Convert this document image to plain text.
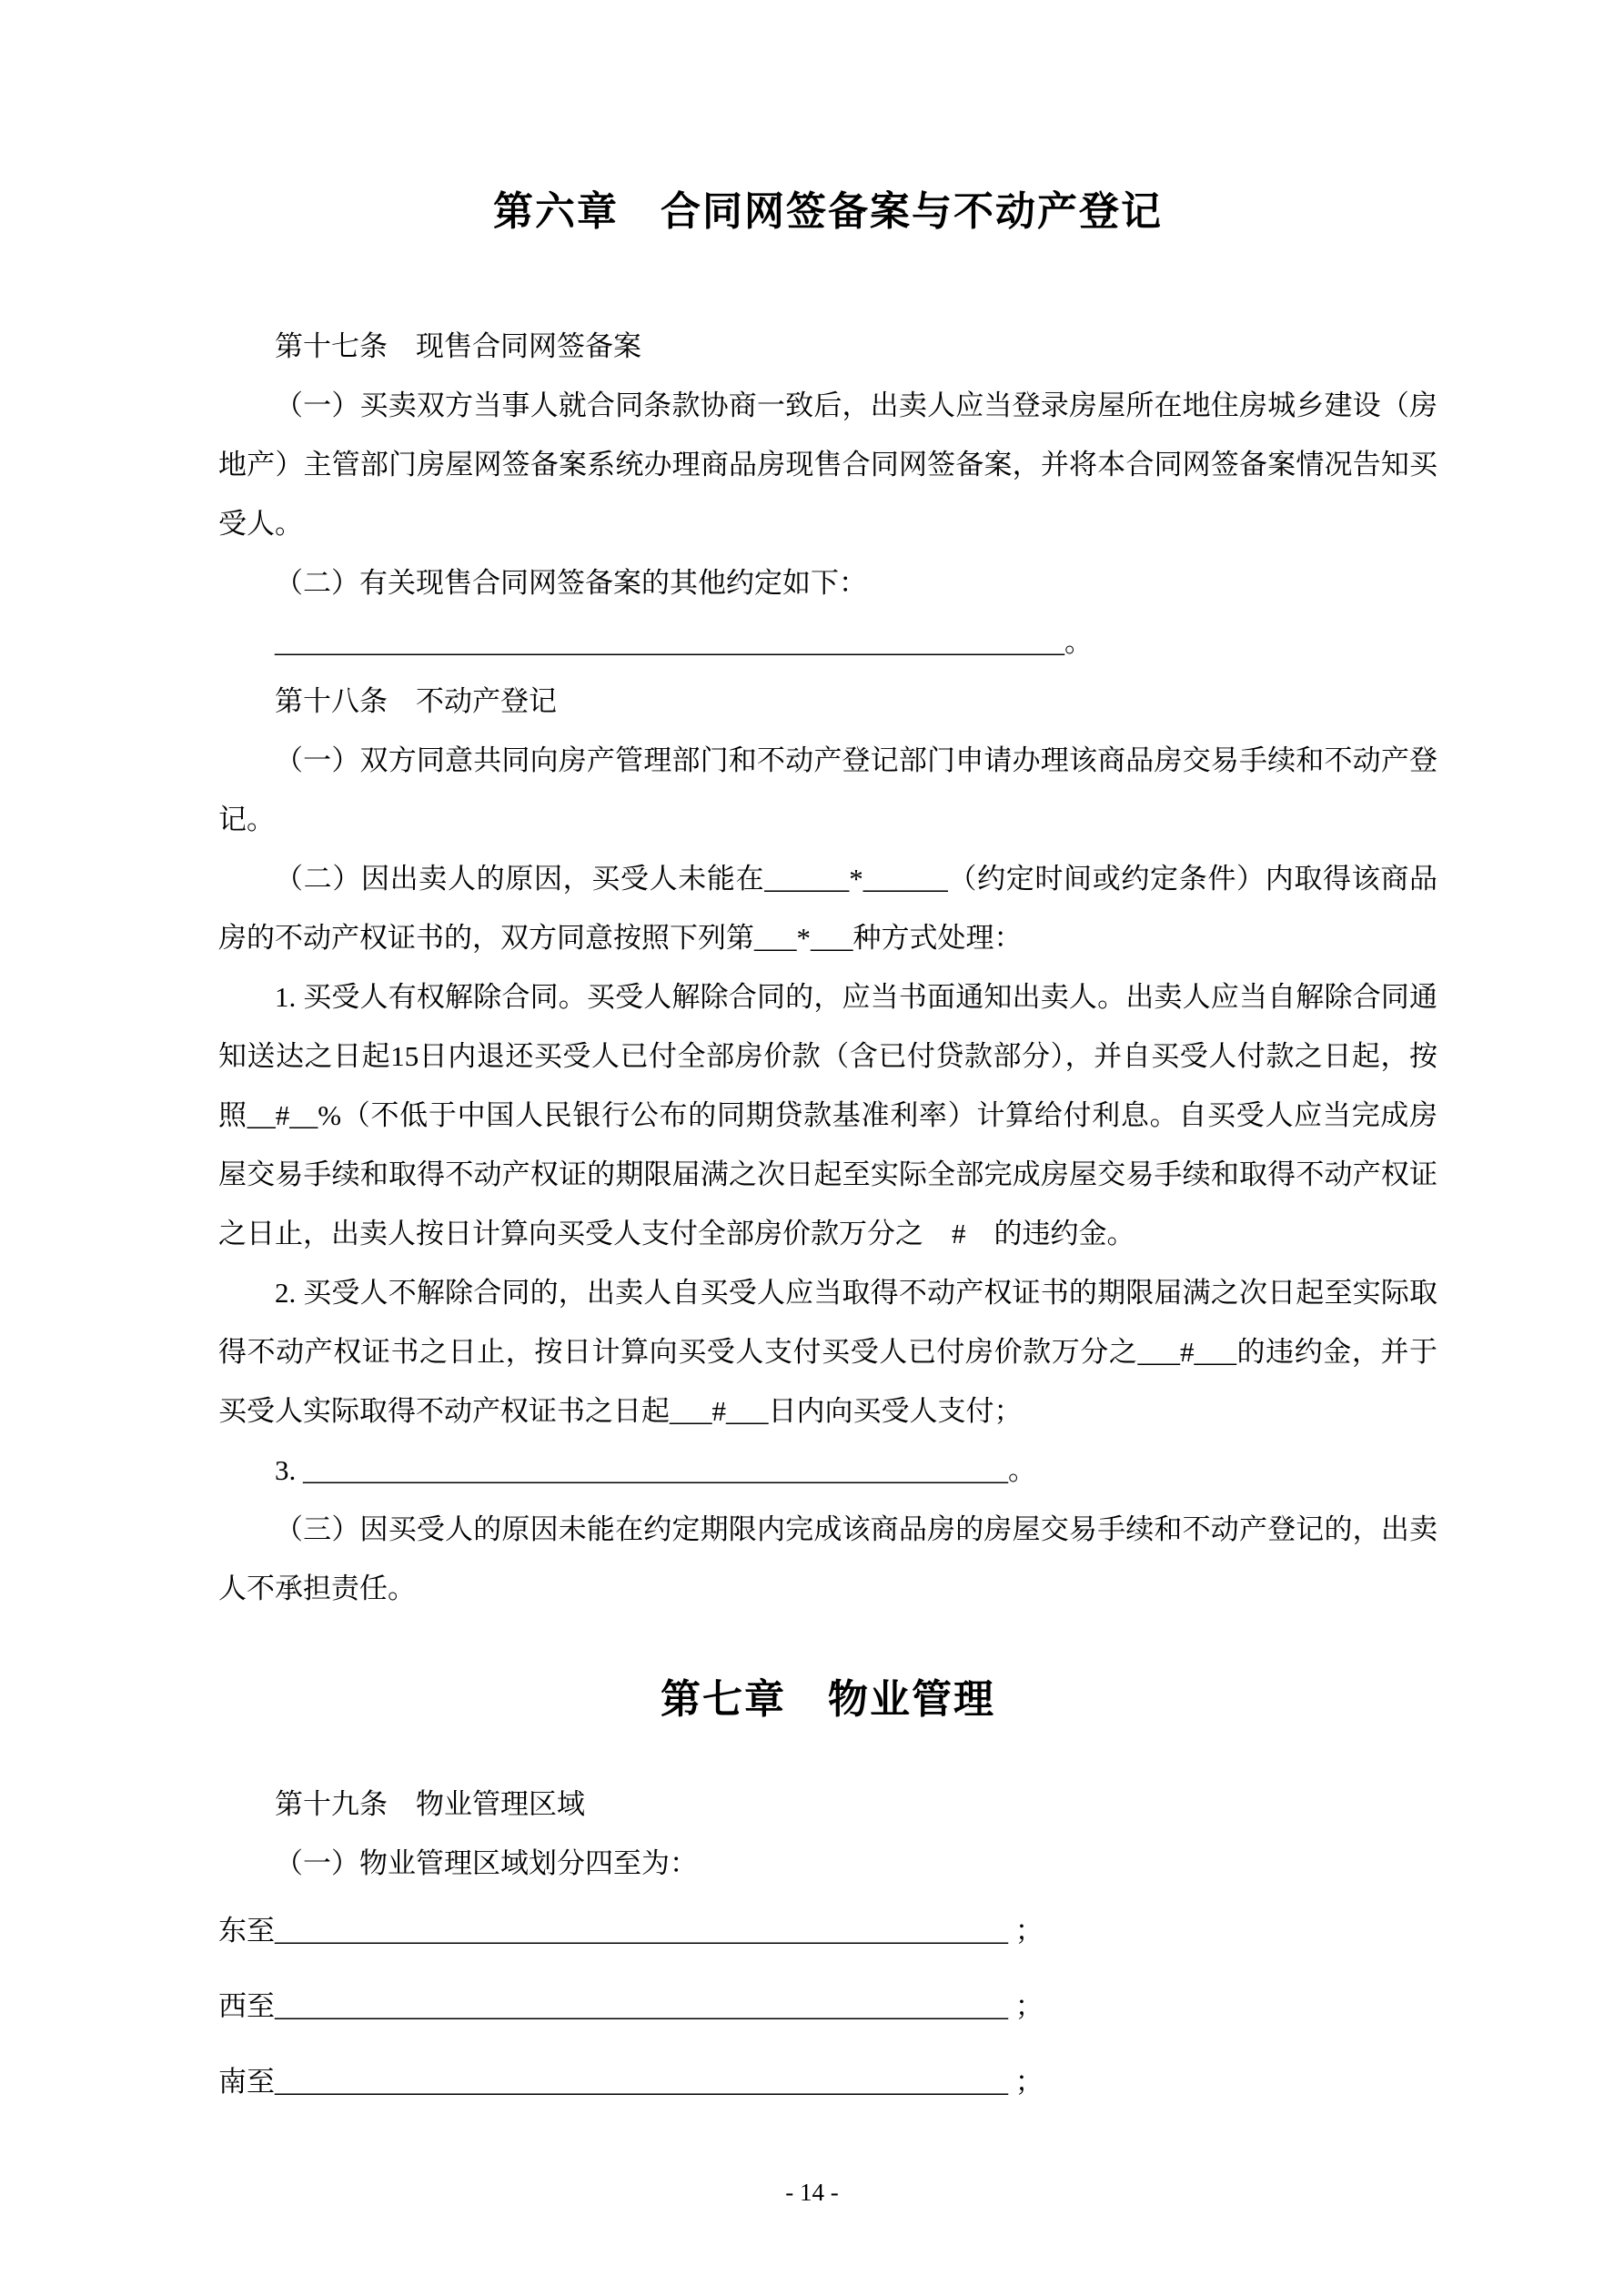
第六章　合同网签备案与不动产登记

第十七条　现售合同网签备案

（一）买卖双方当事人就合同条款协商一致后，出卖人应当登录房屋所在地住房城乡建设（房地产）主管部门房屋网签备案系统办理商品房现售合同网签备案，并将本合同网签备案情况告知买受人。

（二）有关现售合同网签备案的其他约定如下：

________________________________________________________。

第十八条　不动产登记

（一）双方同意共同向房产管理部门和不动产登记部门申请办理该商品房交易手续和不动产登记。

（二）因出卖人的原因，买受人未能在______*______（约定时间或约定条件）内取得该商品房的不动产权证书的，双方同意按照下列第___*___种方式处理：

1. 买受人有权解除合同。买受人解除合同的，应当书面通知出卖人。出卖人应当自解除合同通知送达之日起15日内退还买受人已付全部房价款（含已付贷款部分），并自买受人付款之日起，按照__#__%（不低于中国人民银行公布的同期贷款基准利率）计算给付利息。自买受人应当完成房屋交易手续和取得不动产权证的期限届满之次日起至实际全部完成房屋交易手续和取得不动产权证之日止，出卖人按日计算向买受人支付全部房价款万分之　#　的违约金。

2. 买受人不解除合同的，出卖人自买受人应当取得不动产权证书的期限届满之次日起至实际取得不动产权证书之日止，按日计算向买受人支付买受人已付房价款万分之___#___的违约金，并于买受人实际取得不动产权证书之日起___#___日内向买受人支付；

3. __________________________________________________。

（三）因买受人的原因未能在约定期限内完成该商品房的房屋交易手续和不动产登记的，出卖人不承担责任。

第七章　物业管理

第十九条　物业管理区域

（一）物业管理区域划分四至为：

东至____________________________________________________ ；

西至____________________________________________________ ；

南至____________________________________________________ ；

- 14 -
